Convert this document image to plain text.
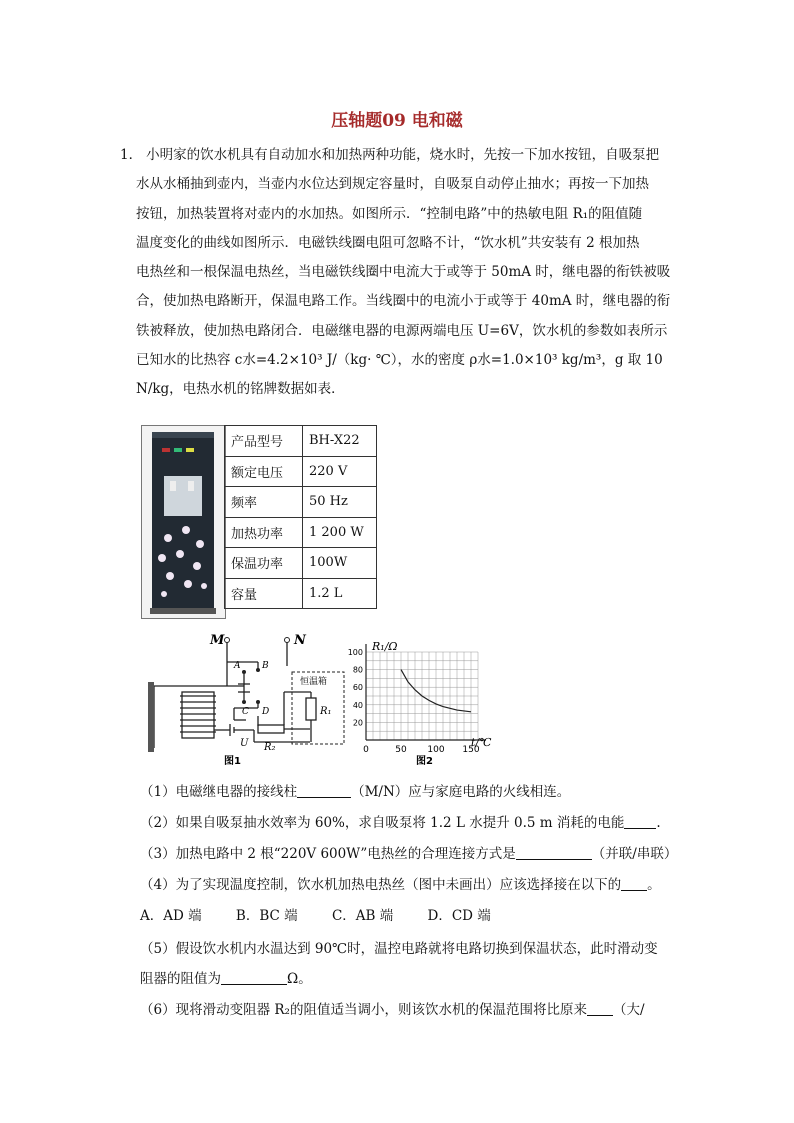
压轴题09 电和磁
1． 小明家的饮水机具有自动加水和加热两种功能，烧水时，先按一下加水按钮，自吸泵把
水从水桶抽到壶内，当壶内水位达到规定容量时，自吸泵自动停止抽水；再按一下加热
按钮，加热装置将对壶内的水加热。如图所示．“控制电路”中的热敏电阻 R₁的阻值随
温度变化的曲线如图所示．电磁铁线圈电阻可忽略不计，“饮水机”共安装有 2 根加热
电热丝和一根保温电热丝，当电磁铁线圈中电流大于或等于 50mA 时，继电器的衔铁被吸
合，使加热电路断开，保温电路工作。当线圈中的电流小于或等于 40mA 时，继电器的衔
铁被释放，使加热电路闭合．电磁继电器的电源两端电压 U=6V，饮水机的参数如表所示
已知水的比热容 c水=4.2×10³ J/（kg· ℃），水的密度 ρ水=1.0×10³ kg/m³，g 取 10
N/kg，电热水机的铭牌数据如表．
产品型号	BH-X22
额定电压	220 V
频率	50 Hz
加热功率	1 200 W
保温功率	100W
容量	1.2 L
M	N
A B
C D
U
R₁
R₂
恒温箱
图1
0	50 100 150
20
40
60
80
100 R₁/Ω
t/℃
图2
（1）电磁继电器的接线柱	（M/N）应与家庭电路的火线相连。
（2）如果自吸泵抽水效率为 60%，求自吸泵将 1.2 L 水提升 0.5 m 消耗的电能 .
（3）加热电路中 2 根“220V 600W”电热丝的合理连接方式是	（并联/串联）
（4）为了实现温度控制，饮水机加热电热丝（图中未画出）应该选择接在以下的 。
A．AD 端	B．BC 端	C．AB 端	D．CD 端
（5）假设饮水机内水温达到 90℃时，温控电路就将电路切换到保温状态，此时滑动变
阻器的阻值为	Ω。
（6）现将滑动变阻器 R₂的阻值适当调小，则该饮水机的保温范围将比原来 （大/
